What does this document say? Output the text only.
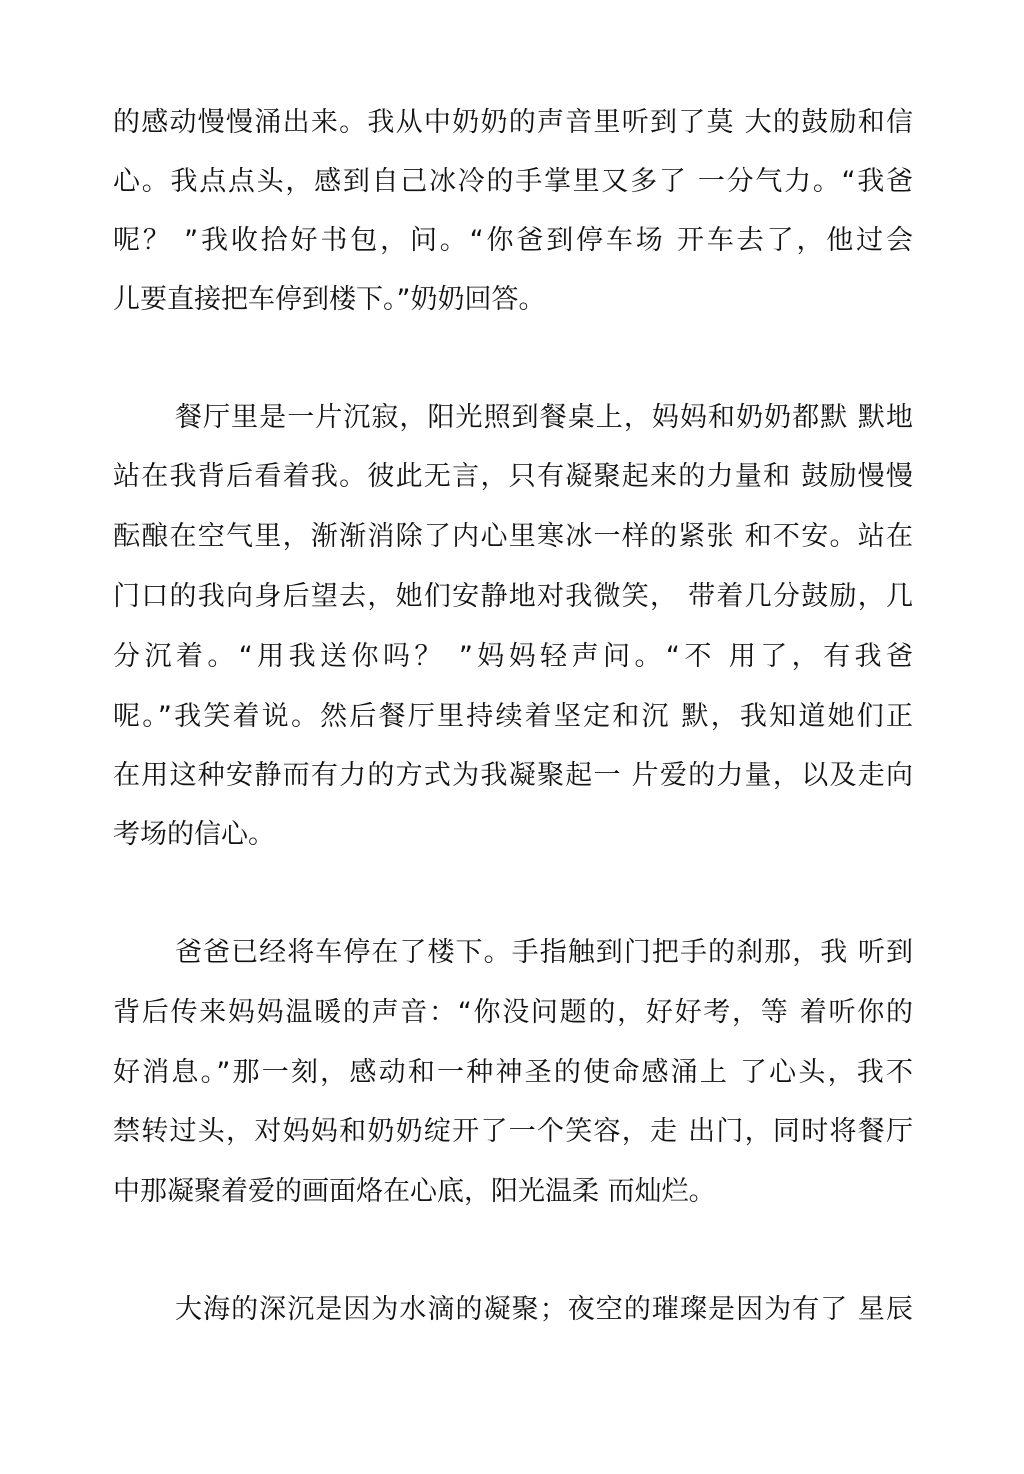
的感动慢慢涌出来。我从中奶奶的声音里听到了莫 大的鼓励和信
心。我点点头，感到自己冰冷的手掌里又多了 一分气力。“我爸
呢？ ”我收拾好书包，问。“你爸到停车场 开车去了，他过会
儿要直接把车停到楼下。”奶奶回答。
餐厅里是一片沉寂，阳光照到餐桌上，妈妈和奶奶都默 默地
站在我背后看着我。彼此无言，只有凝聚起来的力量和 鼓励慢慢
酝酿在空气里，渐渐消除了内心里寒冰一样的紧张 和不安。站在
门口的我向身后望去，她们安静地对我微笑， 带着几分鼓励，几
分沉着。“用我送你吗？ ”妈妈轻声问。“不 用了，有我爸
呢。”我笑着说。然后餐厅里持续着坚定和沉 默，我知道她们正
在用这种安静而有力的方式为我凝聚起一 片爱的力量，以及走向
考场的信心。
爸爸已经将车停在了楼下。手指触到门把手的刹那，我 听到
背后传来妈妈温暖的声音：“你没问题的，好好考，等 着听你的
好消息。”那一刻，感动和一种神圣的使命感涌上 了心头，我不
禁转过头，对妈妈和奶奶绽开了一个笑容，走 出门，同时将餐厅
中那凝聚着爱的画面烙在心底，阳光温柔 而灿烂。
大海的深沉是因为水滴的凝聚；夜空的璀璨是因为有了 星辰
